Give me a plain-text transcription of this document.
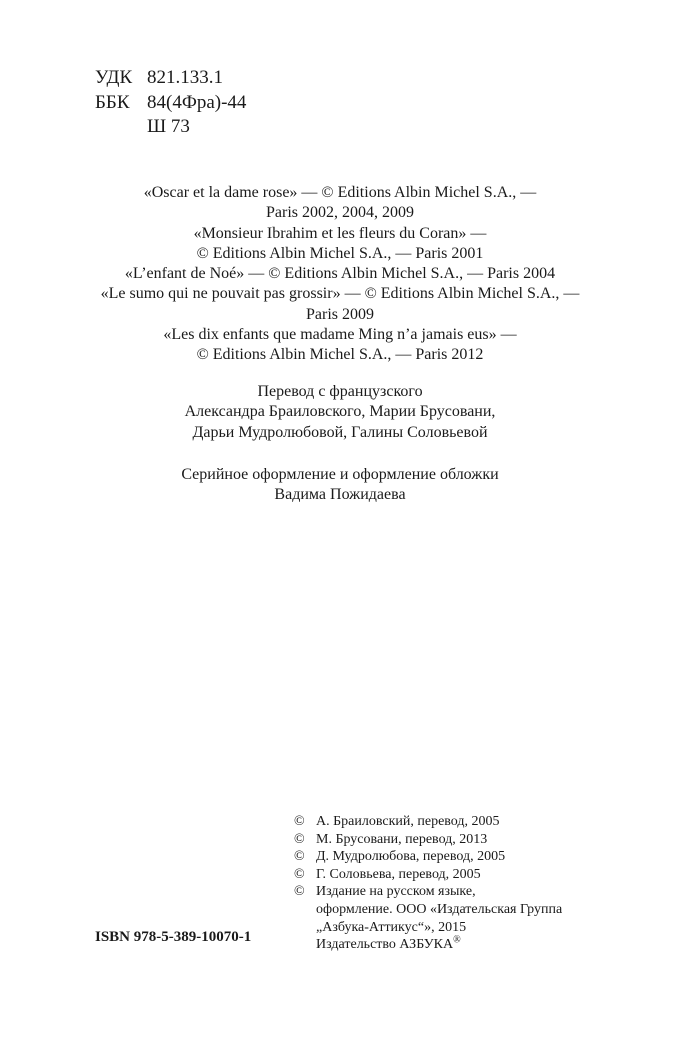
УДК 821.133.1
ББК 84(4Фра)-44
Ш 73
«Oscar et la dame rose» — © Editions Albin Michel S.A., —
Paris 2002, 2004, 2009
«Monsieur Ibrahim et les fleurs du Coran» —
© Editions Albin Michel S.A., — Paris 2001
«L’enfant de Noé» — © Editions Albin Michel S.A., — Paris 2004
«Le sumo qui ne pouvait pas grossir» — © Editions Albin Michel S.A., —
Paris 2009
«Les dix enfants que madame Ming n’a jamais eus» —
© Editions Albin Michel S.A., — Paris 2012
Перевод с французского
Александра Браиловского, Марии Брусовани,
Дарьи Мудролюбовой, Галины Соловьевой
Серийное оформление и оформление обложки
Вадима Пожидаева
ISBN 978-5-389-10070-1
© А. Браиловский, перевод, 2005
© М. Брусовани, перевод, 2013
© Д. Мудролюбова, перевод, 2005
© Г. Соловьева, перевод, 2005
© Издание на русском языке,
оформление. ООО «Издательская Группа
„Азбука-Аттикус“», 2015
Издательство АЗБУКА®
